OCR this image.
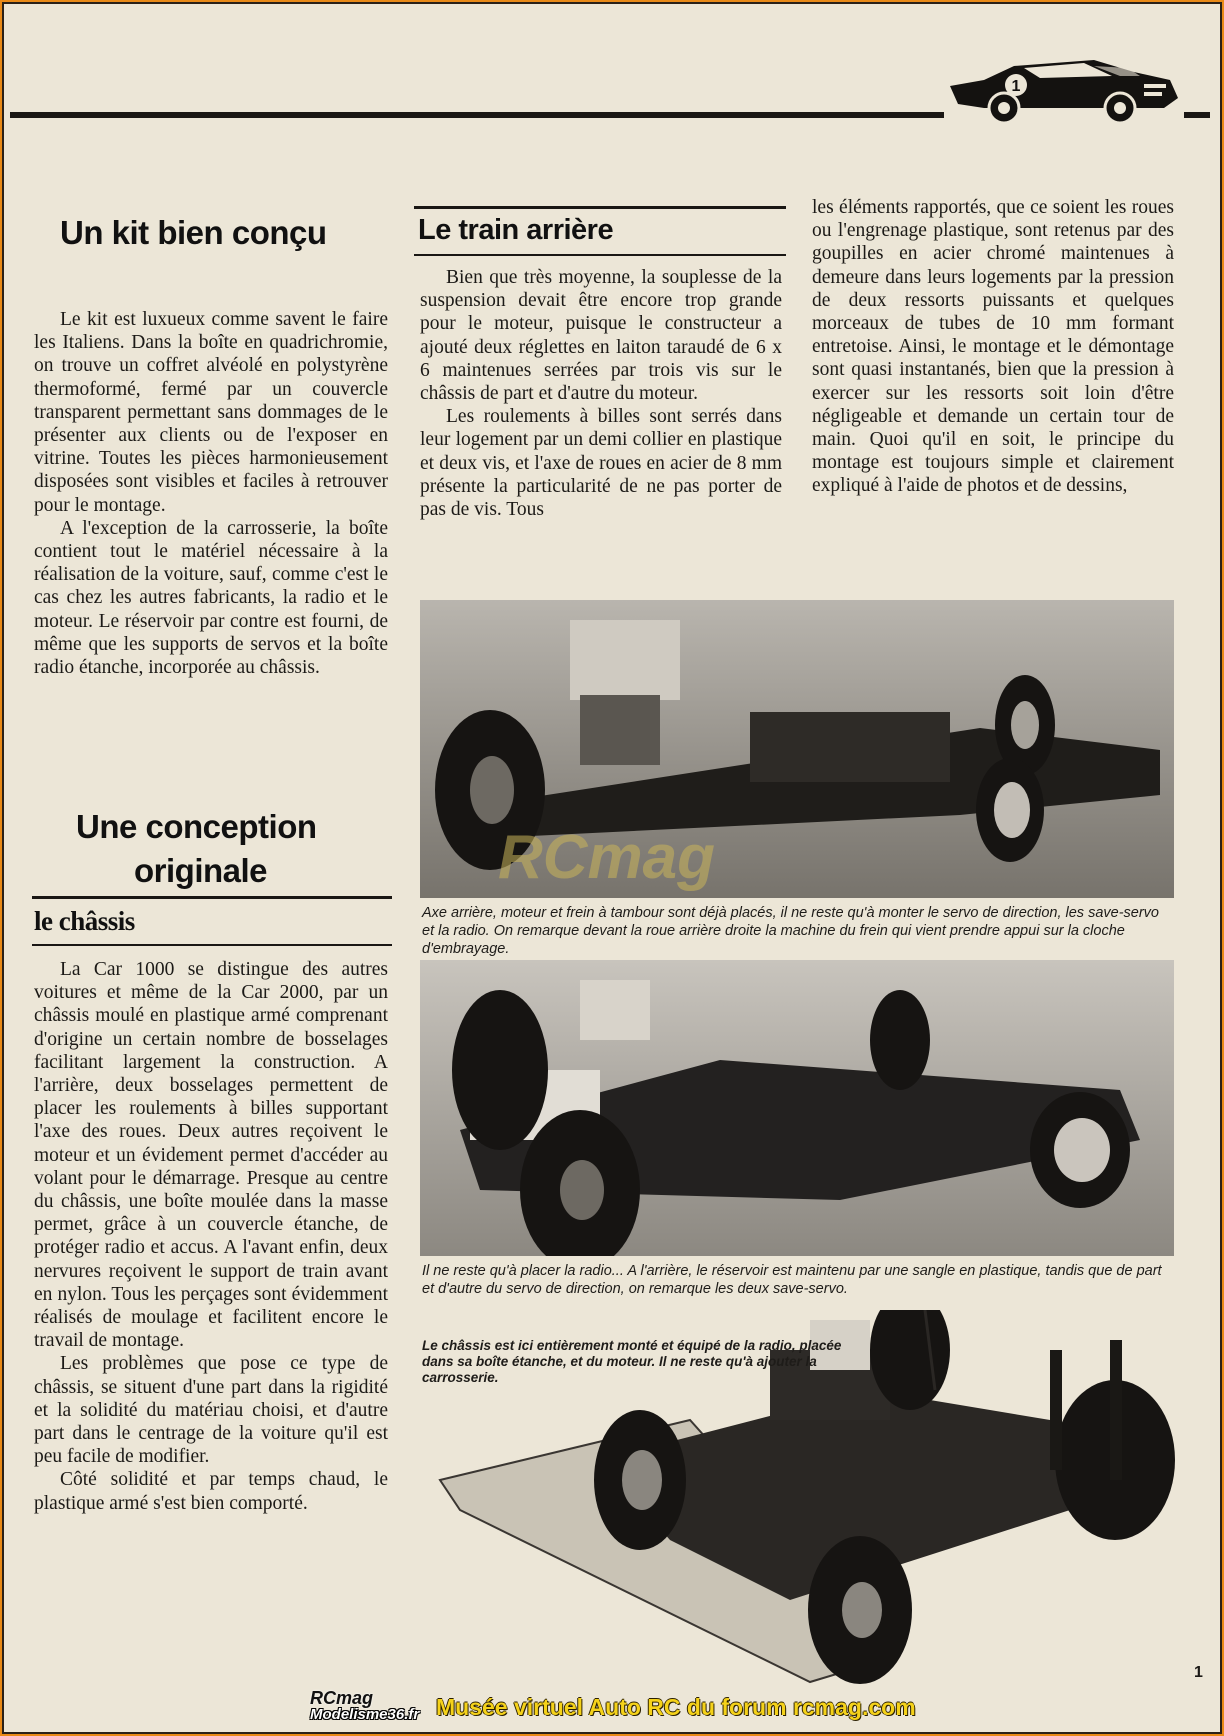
1
Un kit bien conçu

Le kit est luxueux comme savent le faire les Italiens. Dans la boîte en quadrichromie, on trouve un coffret alvéolé en polystyrène thermoformé, fermé par un couvercle transparent permettant sans dommages de le présenter aux clients ou de l'exposer en vitrine. Toutes les pièces harmonieusement disposées sont visibles et faciles à retrouver pour le montage.

A l'exception de la carrosserie, la boîte contient tout le matériel nécessaire à la réalisation de la voiture, sauf, comme c'est le cas chez les autres fabricants, la radio et le moteur. Le réservoir par contre est fourni, de même que les supports de servos et la boîte radio étanche, incorporée au châssis.

Une conception
originale
le châssis

La Car 1000 se distingue des autres voitures et même de la Car 2000, par un châssis moulé en plastique armé comprenant d'origine un certain nombre de bosselages facilitant largement la construction. A l'arrière, deux bosselages permettent de placer les roulements à billes supportant l'axe des roues. Deux autres reçoivent le moteur et un évidement permet d'accéder au volant pour le démarrage. Presque au centre du châssis, une boîte moulée dans la masse permet, grâce à un couvercle étanche, de protéger radio et accus. A l'avant enfin, deux nervures reçoivent le support de train avant en nylon. Tous les perçages sont évidemment réalisés de moulage et facilitent encore le travail de montage.

Les problèmes que pose ce type de châssis, se situent d'une part dans la rigidité et la solidité du matériau choisi, et d'autre part dans le centrage de la voiture qu'il est peu facile de modifier.

Côté solidité et par temps chaud, le plastique armé s'est bien comporté.

Le train arrière

Bien que très moyenne, la souplesse de la suspension devait être encore trop grande pour le moteur, puisque le constructeur a ajouté deux réglettes en laiton taraudé de 6 x 6 maintenues serrées par trois vis sur le châssis de part et d'autre du moteur.

Les roulements à billes sont serrés dans leur logement par un demi collier en plastique et deux vis, et l'axe de roues en acier de 8 mm présente la particularité de ne pas porter de pas de vis. Tous

les éléments rapportés, que ce soient les roues ou l'engrenage plastique, sont retenus par des goupilles en acier chromé maintenues à demeure dans leurs logements par la pression de deux ressorts puissants et quelques morceaux de tubes de 10 mm formant entretoise. Ainsi, le montage et le démontage sont quasi instantanés, bien que la pression à exercer sur les ressorts soit loin d'être négligeable et demande un certain tour de main. Quoi qu'il en soit, le principe du montage est toujours simple et clairement expliqué à l'aide de photos et de dessins,

RCmag
Axe arrière, moteur et frein à tambour sont déjà placés, il ne reste qu'à monter le servo de direction, les save-servo et la radio. On remarque devant la roue arrière droite la machine du frein qui vient prendre appui sur la cloche d'embrayage.
Il ne reste qu'à placer la radio... A l'arrière, le réservoir est maintenu par une sangle en plastique, tandis que de part et d'autre du servo de direction, on remarque les deux save-servo.
Le châssis est ici entièrement monté et équipé de la radio, placée dans sa boîte étanche, et du moteur. Il ne reste qu'à ajouter la carrosserie.
1
RCmag
Modelisme36.fr Musée virtuel Auto RC du forum rcmag.com
